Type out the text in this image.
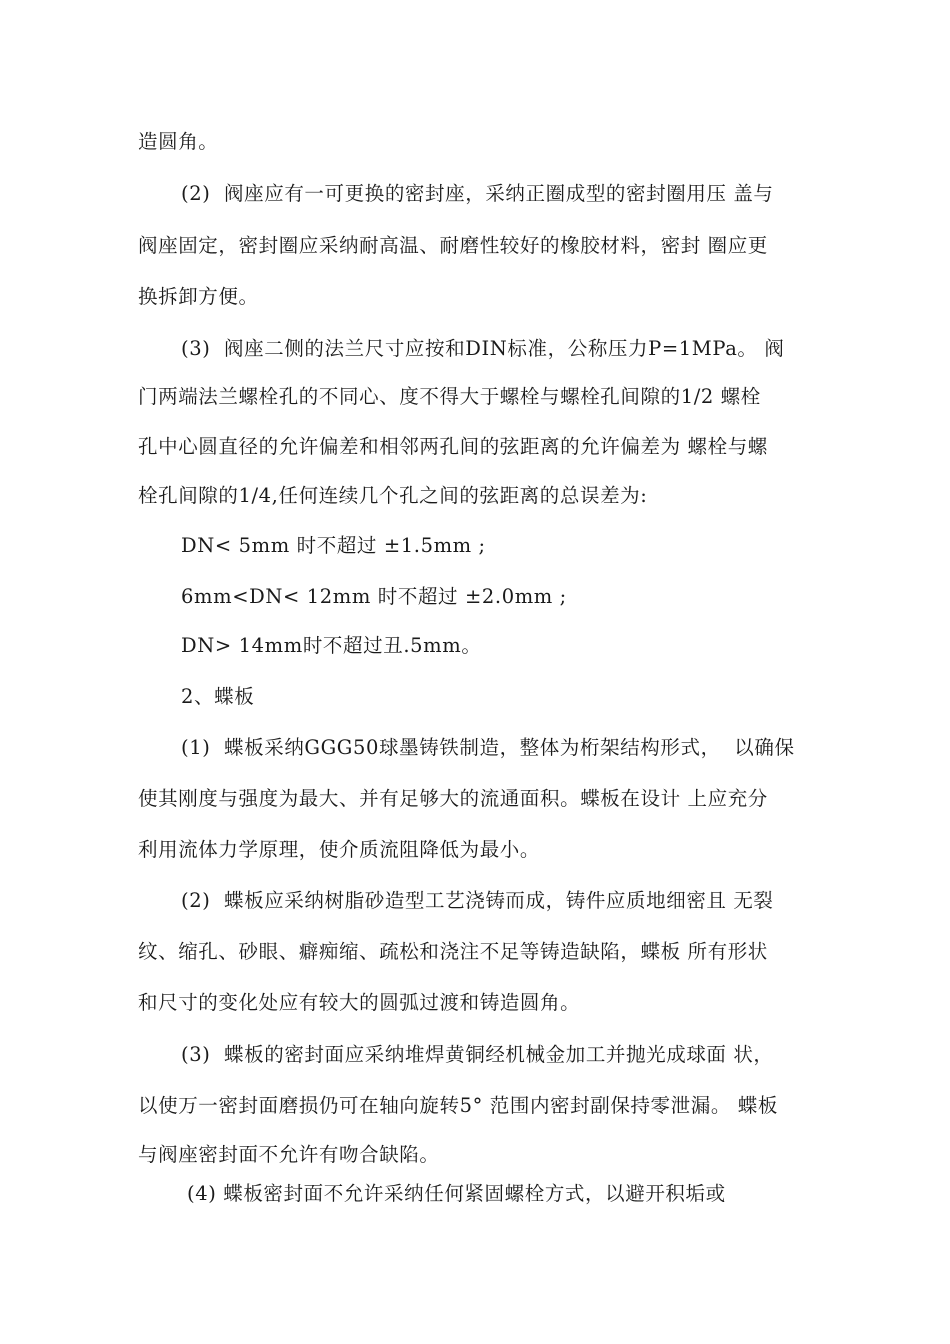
造圆角。
(2)  阀座应有一可更换的密封座，采纳正圈成型的密封圈用压 盖与
阀座固定，密封圈应采纳耐高温、耐磨性较好的橡胶材料，密封 圈应更
换拆卸方便。
(3)  阀座二侧的法兰尺寸应按和DIN标准，公称压力P=1MPa。 阀
门两端法兰螺栓孔的不同心、度不得大于螺栓与螺栓孔间隙的1/2 螺栓
孔中心圆直径的允许偏差和相邻两孔间的弦距离的允许偏差为 螺栓与螺
栓孔间隙的1/4,任何连续几个孔之间的弦距离的总误差为:
DN< 5mm 时不超过 ±1.5mm ;
6mm<DN< 12mm 时不超过 ±2.0mm ;
DN> 14mm时不超过丑.5mm。
2、蝶板
(1)  蝶板采纳GGG50球墨铸铁制造，整体为桁架结构形式，  以确保
使其刚度与强度为最大、并有足够大的流通面积。蝶板在设计 上应充分
利用流体力学原理，使介质流阻降低为最小。
(2)  蝶板应采纳树脂砂造型工艺浇铸而成，铸件应质地细密且 无裂
纹、缩孔、砂眼、癖痴缩、疏松和浇注不足等铸造缺陷，蝶板 所有形状
和尺寸的变化处应有较大的圆弧过渡和铸造圆角。
(3)  蝶板的密封面应采纳堆焊黄铜经机械金加工并抛光成球面 状，
以使万一密封面磨损仍可在轴向旋转5° 范围内密封副保持零泄漏。 蝶板
与阀座密封面不允许有吻合缺陷。
(4) 蝶板密封面不允许采纳任何紧固螺栓方式，以避开积垢或
